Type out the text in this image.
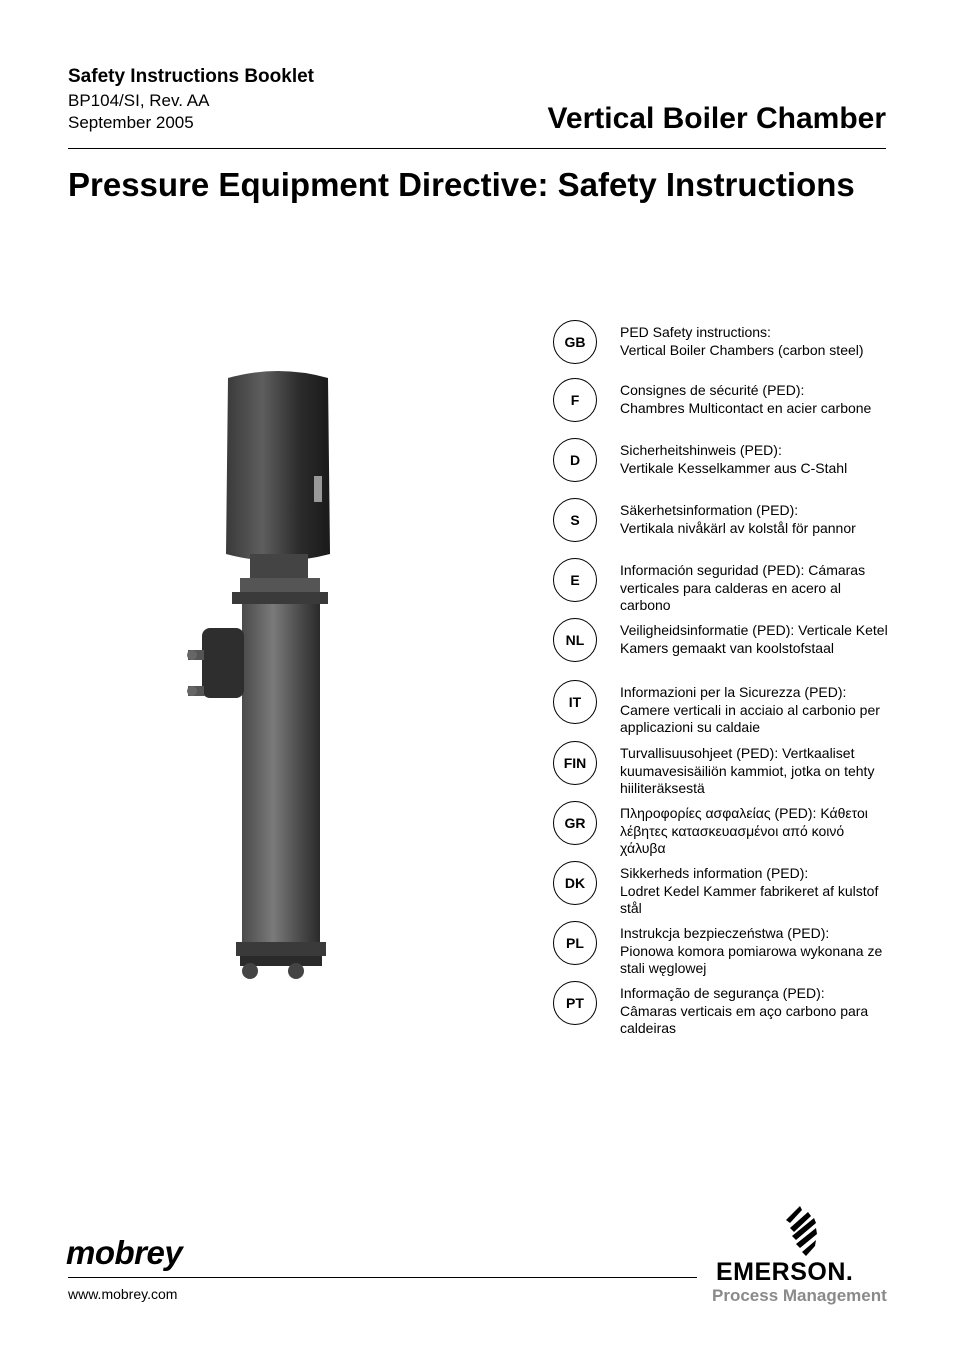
Safety Instructions Booklet
BP104/SI, Rev. AA
September 2005	Vertical Boiler Chamber
Pressure Equipment Directive: Safety Instructions
GB
PED Safety instructions:
Vertical Boiler Chambers (carbon steel)
F
Consignes de sécurité (PED):
Chambres Multicontact en acier carbone
D
Sicherheitshinweis (PED):
Vertikale Kesselkammer aus C-Stahl
S
Säkerhetsinformation (PED):
Vertikala nivåkärl av kolstål för pannor
E
Información seguridad (PED): Cámaras verticales para calderas en acero al carbono
NL
Veiligheidsinformatie (PED): Verticale Ketel Kamers gemaakt van koolstofstaal
IT
Informazioni per la Sicurezza (PED): Camere verticali in acciaio al carbonio per applicazioni su caldaie
FIN
Turvallisuusohjeet (PED): Vertkaaliset kuumavesisäiliön kammiot, jotka on tehty hiiliteräksestä
GR
Πληροφορίες ασφαλείας (PED): Κάθετοι λέβητες κατασκευασμένοι από κοινό χάλυβα
DK
Sikkerheds information (PED):
Lodret Kedel Kammer fabrikeret af kulstof stål
PL
Instrukcja bezpieczeństwa (PED):
Pionowa komora pomiarowa wykonana ze stali węglowej
PT
Informação de segurança (PED):
Câmaras verticais em aço carbono para caldeiras
mobrey
www.mobrey.com
EMERSON.
Process Management
